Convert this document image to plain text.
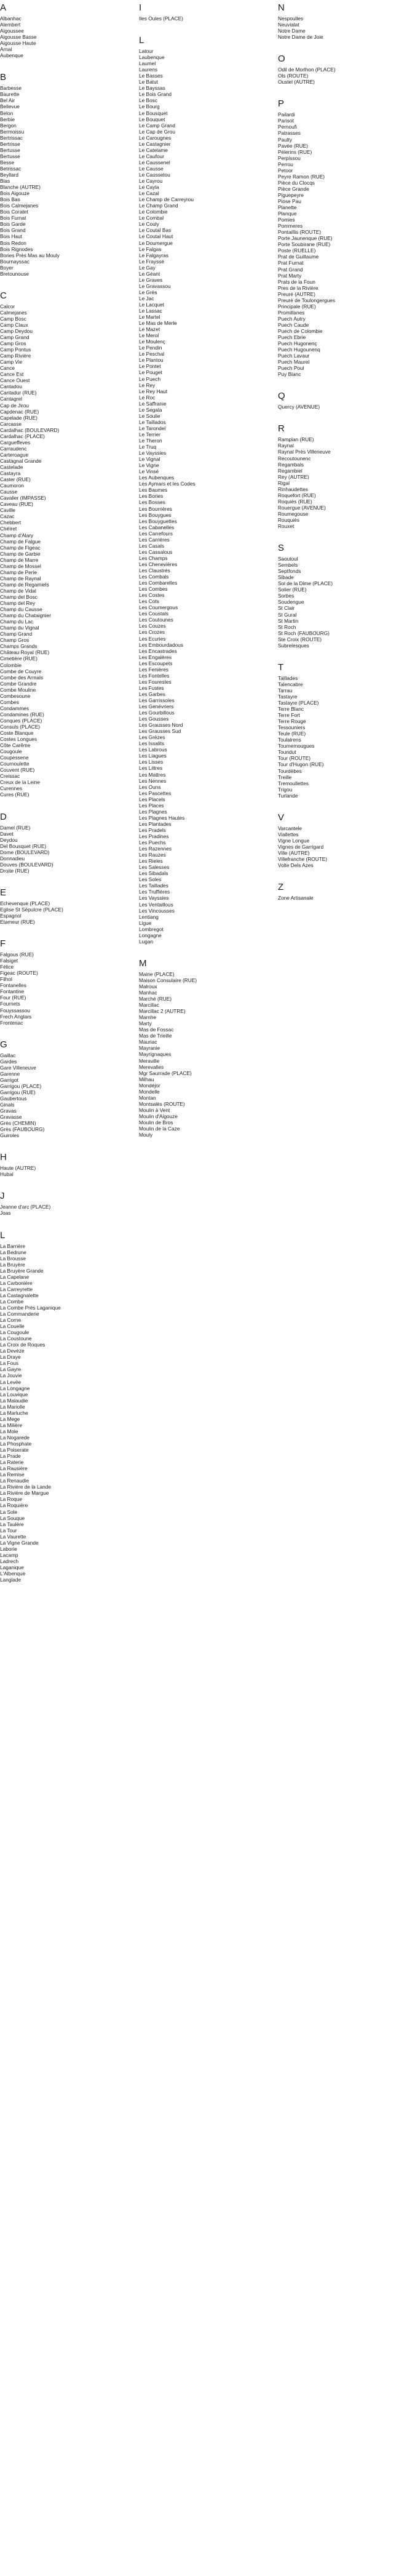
A
Albanhac
Alembert
Aigoussee
Aigousse Basse
Aigousse Haute
Arnal
Aubenque
B
Barbesse
Baurette
Bel Air
Bellevue
Belon
Berbie
Bergon
Bermoissu
Bertrissac
Bertrisse
Bertusse
Bertusse
Besse
Betrissac
Beyllard
Bias
Blanche (AUTRE)
Bois Aigouze
Bois Bas
Bois Calmejanes
Bois Coratet
Bois Furnat
Bois Garde
Bois Grand
Bois Haut
Bois Redon
Bois Rignodes
Bories Près Mas au Mouly
Bournayssac
Boyer
Bretounouse
C
Calcor
Calmejanes
Camp Bosc
Camp Claux
Camp Deydou
Camp Grand
Camp Gros
Camp Pontus
Camp Rivière
Camp Vie
Cance
Cance Est
Cance Ouest
Cantadou
Cantadur (RUE)
Cantagrel
Cap de Jirou
Capdenac (RUE)
Capelade (RUE)
Carcasse
Cardalhac (BOULEVARD)
Cardalhac (PLACE)
Cargueffeves
Carraudenc
Carteroague
Castagnal Grande
Castelade
Castayra
Caster (RUE)
Caumoron
Causse
Cavalier (IMPASSE)
Caveau (RUE)
Caville
Cazac
Chebbert
Chéïret
Champ d'Alary
Champ de Falgue
Champ de Figeac
Champ de Garbie
Champ de Marre
Champ de Mossel
Champ de Perie
Champ de Raynal
Champ de Regamiels
Champ de Vidal
Champ del Bosc
Champ del Rey
Champ du Causse
Champ du Chataignier
Champ du Lac
Champ du Vignal
Champ Grand
Champ Gros
Champs Grands
Château Royal (RUE)
Cimetière (RUE)
Colombie
Combe de Couyre
Combe des Armals
Combe Grandre
Combe Mouline
Combesoune
Combes
Condammes
Condamines (RUE)
Conques (PLACE)
Consuls (PLACE)
Coste Blanque
Costes Longues
Côte Carême
Cougoule
Coupessene
Cournoulette
Couvent (RUE)
Creissac
Creux de la Leine
Curennes
Cures (RUE)
D
Damel (RUE)
Davet
Deydou
Del Bousquet (RUE)
Dome (BOULEVARD)
Donnadieu
Douves (BOULEVARD)
Droite (RUE)
E
Echevenque (PLACE)
Eglise St Sépulcre (PLACE)
Espagnol
Etameur (RUE)
F
Falgous (RUE)
Falsiget
Félice
Figeac (ROUTE)
Filhol
Fontanelles
Fontantine
Four (RUE)
Fournets
Fouyssassou
Frech Anglars
Frontenac
G
Gaillac
Gardes
Gare Villeneuve
Garenne
Garrigot
Garrigou (PLACE)
Garrigou (RUE)
Gaubertous
Ginals
Gravas
Gravasse
Grès (CHEMIN)
Grès (FAUBOURG)
Guiroles
H
Haute (AUTRE)
Hubal
J
Jeanne d'arc (PLACE)
Joas
L
La Barrière
La Bedrune
La Brousse
La Bruyère
La Bruyère Grande
La Capelane
La Carbonière
La Carreyrette
La Castagnalette
La Combe
La Combe Près Laganique
La Commanderie
La Corne
La Couelle
La Cougoule
La Coustoune
La Croix de Roques
La Devèze
La Draye
La Fous
La Gayre
La Jouvie
La Levée
La Longagne
La Louvique
La Malaudie
La Mariolle
La Marluche
La Mege
La Milière
La Mole
La Nogarede
La Phosphate
La Poiserate
La Prade
La Raterie
La Rausière
La Remise
La Renaudie
La Rivière de la Lande
La Rivière de Margue
La Roque
La Roquière
La Sole
La Souque
La Taulère
La Tour
La Vaurette
La Vigne Grande
Laborie
Lacamp
Ladrech
Laganique
L'Albenque
Langlade
I
Iles Oules (PLACE)
L
Latour
Laubenque
Laumel
Laurens
Le Basses
Le Batut
Le Bayssas
Le Bois Grand
Le Bosc
Le Bourg
Le Bousquet
Le Bouquet
Le Camp Grand
Le Cap de Grou
Le Carougnes
Le Castagnier
Le Catelame
Le Caufour
Le Caussenel
Le Causse
Le Causselou
Le Cayrou
Le Cayla
Le Cazal
Le Champ de Carreyrou
Le Champ Grand
Le Colombie
Le Combal
Le Couly
Le Coutal Bas
Le Coutal Haut
Le Doumergue
Le Falgas
Le Falgayras
Le Frayssé
Le Gay
Le Géant
Le Graves
Le Gravassou
Le Grès
Le Jac
Le Lacquet
Le Lassac
Le Martel
Le Mas de Merle
Le Mazet
Le Merol
Le Moulenç
Le Pendin
Le Peschal
Le Plantou
Le Pontet
Le Pouget
Le Puech
Le Rey
Le Rey Haut
Le Roc
Le Saffranie
Le Segala
Le Soulie
Le Taillados
Le Tarondel
Le Terrier
Le Theron
Le Truq
Le Vayssies
Le Vignal
Le Vigne
Le Vinsé
Les Aubenques
Les Aymars et les Codes
Les Baumes
Les Bories
Les Bosses
Les Bourrières
Les Bouygues
Les Bouyguettes
Les Cabanelles
Les Carrefours
Les Carrières
Les Casals
Les Cassalous
Les Champs
Les Chenevières
Les Claustrés
Les Combals
Les Combarelles
Les Combes
Les Costes
Les Cots
Les Coumergous
Les Coustals
Les Coutounes
Les Couzes
Les Crozes
Les Ecuries
Les Embourdadous
Les Encastrades
Les Engalères
Les Escoupets
Les Fenières
Les Fontelles
Les Fourestes
Les Fustes
Les Garbes
Les Garrissoles
Les Genévriers
Les Gourbillous
Les Gousses
Les Grausses Nord
Les Grausses Sud
Les Grèzes
Les Issalits
Les Labrous
Les Liagues
Les Lisses
Les Littres
Les Mattres
Les Nennes
Les Ouns
Les Pascettes
Les Placels
Les Places
Les Plagnes
Les Plagnes Hautes
Les Plantades
Les Pradels
Les Pradines
Les Puechs
Les Razennes
Les Rauzes
Les Rieles
Les Salesses
Les Sibadals
Les Soles
Les Taillades
Les Truffières
Les Vayssies
Les Ventaillous
Les Vincousses
Lentiang
Ligue
Lombregot
Longagne
Lugan
M
Mairie (PLACE)
Maison Consulaire (RUE)
Malroux
Manhac
Marché (RUE)
Marcillac
Marcillac 2 (AUTRE)
Marnhe
Marty
Mas de Fossac
Mas de Trieille
Mauriac
Mayranie
Mayrignaques
Meraville
Merevalles
Mgr Saurrade (PLACE)
Milhau
Mondéjor
Mondelle
Montan
Montsalès (ROUTE)
Moulin à Vent
Moulin d'Aigouze
Moulin de Bros
Moulin de la Caze
Mouly
N
Nespoulles
Neuvialat
Notre Dame
Notre Dame de Joie
O
Odil de Morlhon (PLACE)
Ols (ROUTE)
Oustel (AUTRE)
P
Pailardi
Parisot
Pernoufi
Patrasses
Paulty
Pavèe (RUE)
Pélerins (RUE)
Perpissou
Perrou
Petoor
Peyre Ramon (RUE)
Pièce du Clocqs
Pièce Grande
Piguepeyre
Piose Pau
Planette
Planque
Pomies
Pommeres
Pontaillis (ROUTE)
Porte Jaunenque (RUE)
Porte Soubirane (RUE)
Poste (RUELLE)
Prat de Guillaume
Prat Furnat
Prat Grand
Prat Marty
Prats de la Foun
Pres de la Rivière
Preuré (AUTRE)
Preuré de Toulongergues
Principale (RUE)
Promillanes
Puech Autry
Puech Caude
Puech de Colombie
Puech Ebrie
Puech Hugonenç
Puech Hugounenq
Puech Lavaur
Puech Maurel
Puech Poul
Puy Blanc
Q
Quercy (AVENUE)
R
Ramplan (RUE)
Raynal
Raynal Près Villeneuve
Recoutounenc
Regambals
Regambiel
Rey (AUTRE)
Rigal
Rinhaudettes
Roquefort (RUE)
Roquiès (RUE)
Rouergue (AVENUE)
Roumegouse
Rouquiès
Rouxet
S
Saoutoul
Sembels
Septfonds
Sibade
Sol de la Dime (PLACE)
Solier (RUE)
Sorbes
Soudengue
St Clair
St Gural
St Martin
St Roch
St Roch (FAUBOURG)
Ste Croix (ROUTE)
Subrelesques
T
Taillades
Talencabre
Tarrau
Tastayre
Tastayre (PLACE)
Terre Blanc
Terre Fort
Terre Rouge
Tessouniers
Teule (RUE)
Toulalrens
Tournemougues
Toundut
Tour (ROUTE)
Tour d'Hugon (RUE)
Tourdèbes
Treille
Tremoullettes
Trigou
Turlande
V
Varcantele
Viallettes
Vigne Longue
Vignes de Garrigard
Ville (AUTRE)
Villefranche (ROUTE)
Volte Dels Azes
Z
Zone Artisanale
